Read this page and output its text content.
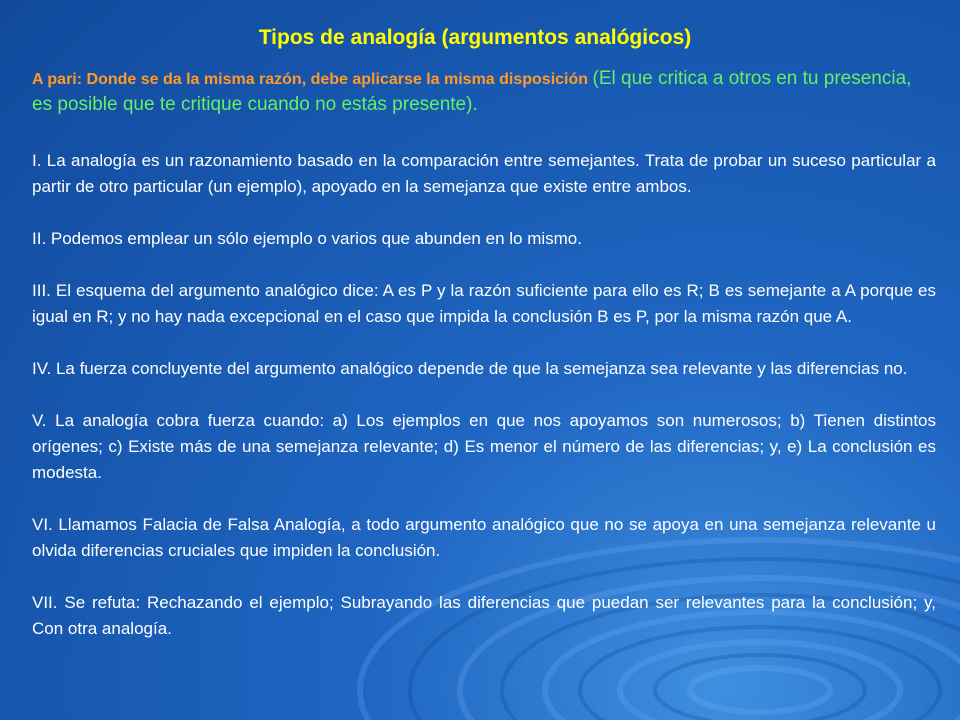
Tipos de analogía (argumentos analógicos)

A pari: Donde se da la misma razón, debe aplicarse la misma disposición (El que critica a otros en tu presencia, es posible que te critique cuando no estás presente).

I. La analogía es un razonamiento basado en la comparación entre semejantes. Trata de probar un suceso particular a partir de otro particular (un ejemplo), apoyado en la semejanza que existe entre ambos.

II. Podemos emplear un sólo ejemplo o varios que abunden en lo mismo.

III. El esquema del argumento analógico dice: A es P y la razón suficiente para ello es R; B es semejante a A porque es igual en R; y no hay nada excepcional en el caso que impida la conclusión B es P, por la misma razón que A.

IV. La fuerza concluyente del argumento analógico depende de que la semejanza sea relevante y las diferencias no.

V. La analogía cobra fuerza cuando: a) Los ejemplos en que nos apoyamos son numerosos; b) Tienen distintos orígenes; c) Existe más de una semejanza relevante; d) Es menor el número de las diferencias; y, e) La conclusión es modesta.

VI. Llamamos Falacia de Falsa Analogía, a todo argumento analógico que no se apoya en una semejanza relevante u olvida diferencias cruciales que impiden la conclusión.

VII. Se refuta: Rechazando el ejemplo; Subrayando las diferencias que puedan ser relevantes para la conclusión; y, Con otra analogía.
